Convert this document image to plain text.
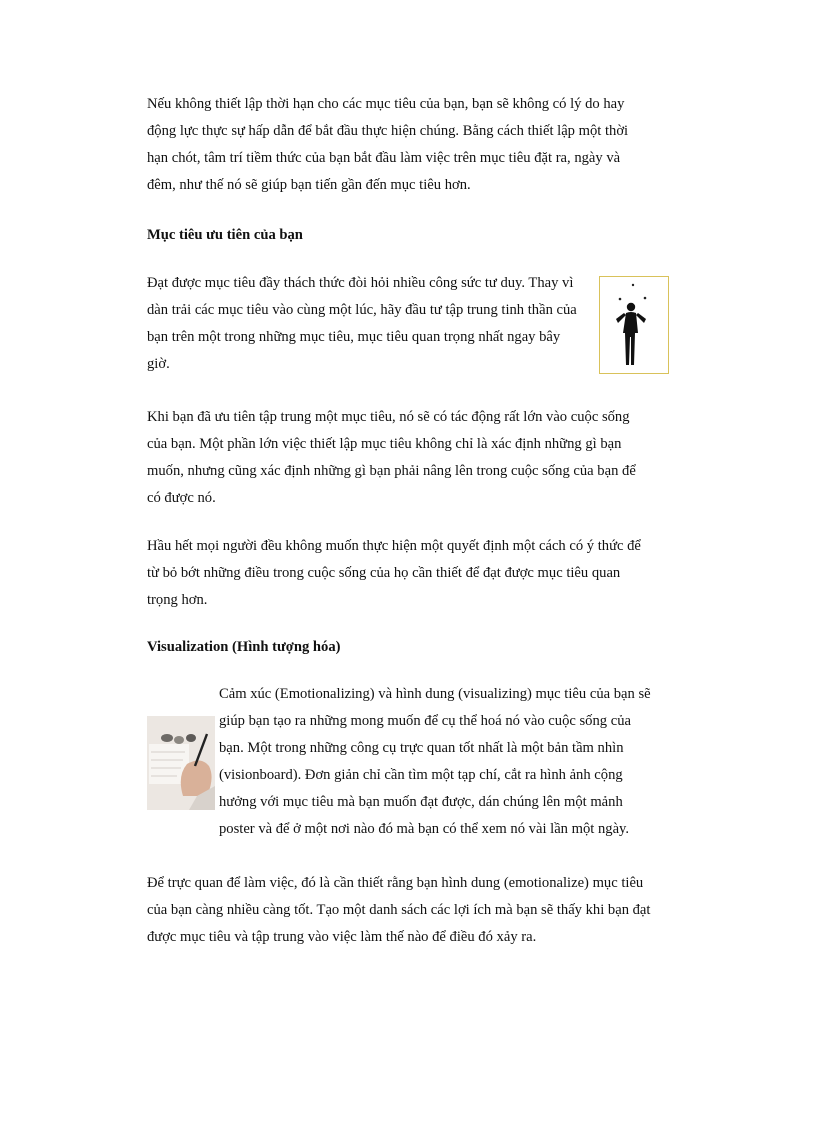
Nếu không thiết lập thời hạn cho các mục tiêu của bạn, bạn sẽ không có lý do hay
động lực thực sự hấp dẫn để bắt đầu thực hiện chúng. Bằng cách thiết lập một thời
hạn chót, tâm trí tiềm thức của bạn bắt đầu làm việc trên mục tiêu đặt ra, ngày và
đêm, như thế nó sẽ giúp bạn tiến gần đến mục tiêu hơn.
Mục tiêu ưu tiên của bạn
Đạt được mục tiêu đầy thách thức đòi hỏi nhiều công sức tư duy. Thay vì
dàn trải các mục tiêu vào cùng một lúc, hãy đầu tư tập trung tinh thần của
bạn trên một trong những mục tiêu, mục tiêu quan trọng nhất ngay bây
giờ.
Khi bạn đã ưu tiên tập trung một mục tiêu, nó sẽ có tác động rất lớn vào cuộc sống
của bạn. Một phần lớn việc thiết lập mục tiêu không chỉ là xác định những gì bạn
muốn, nhưng cũng xác định những gì bạn phải nâng lên trong cuộc sống của bạn để
có được nó.
Hầu hết mọi người đều không muốn thực hiện một quyết định một cách có ý thức để
từ bỏ bớt những điều trong cuộc sống của họ cần thiết để đạt được mục tiêu quan
trọng hơn.
Visualization (Hình tượng hóa)
Cảm xúc (Emotionalizing) và hình dung (visualizing) mục tiêu của bạn sẽ
giúp bạn tạo ra những mong muốn để cụ thể hoá nó vào cuộc sống của
bạn. Một trong những công cụ trực quan tốt nhất là một bản tầm nhìn
(visionboard). Đơn giản chỉ cần tìm một tạp chí, cắt ra hình ảnh cộng
hưởng với mục tiêu mà bạn muốn đạt được, dán chúng lên một mảnh
poster và để ở một nơi nào đó mà bạn có thể xem nó vài lần một ngày.
Để trực quan để làm việc, đó là cần thiết rằng bạn hình dung (emotionalize) mục tiêu
của bạn càng nhiều càng tốt. Tạo một danh sách các lợi ích mà bạn sẽ thấy khi bạn đạt
được mục tiêu và tập trung vào việc làm thế nào để điều đó xảy ra.
